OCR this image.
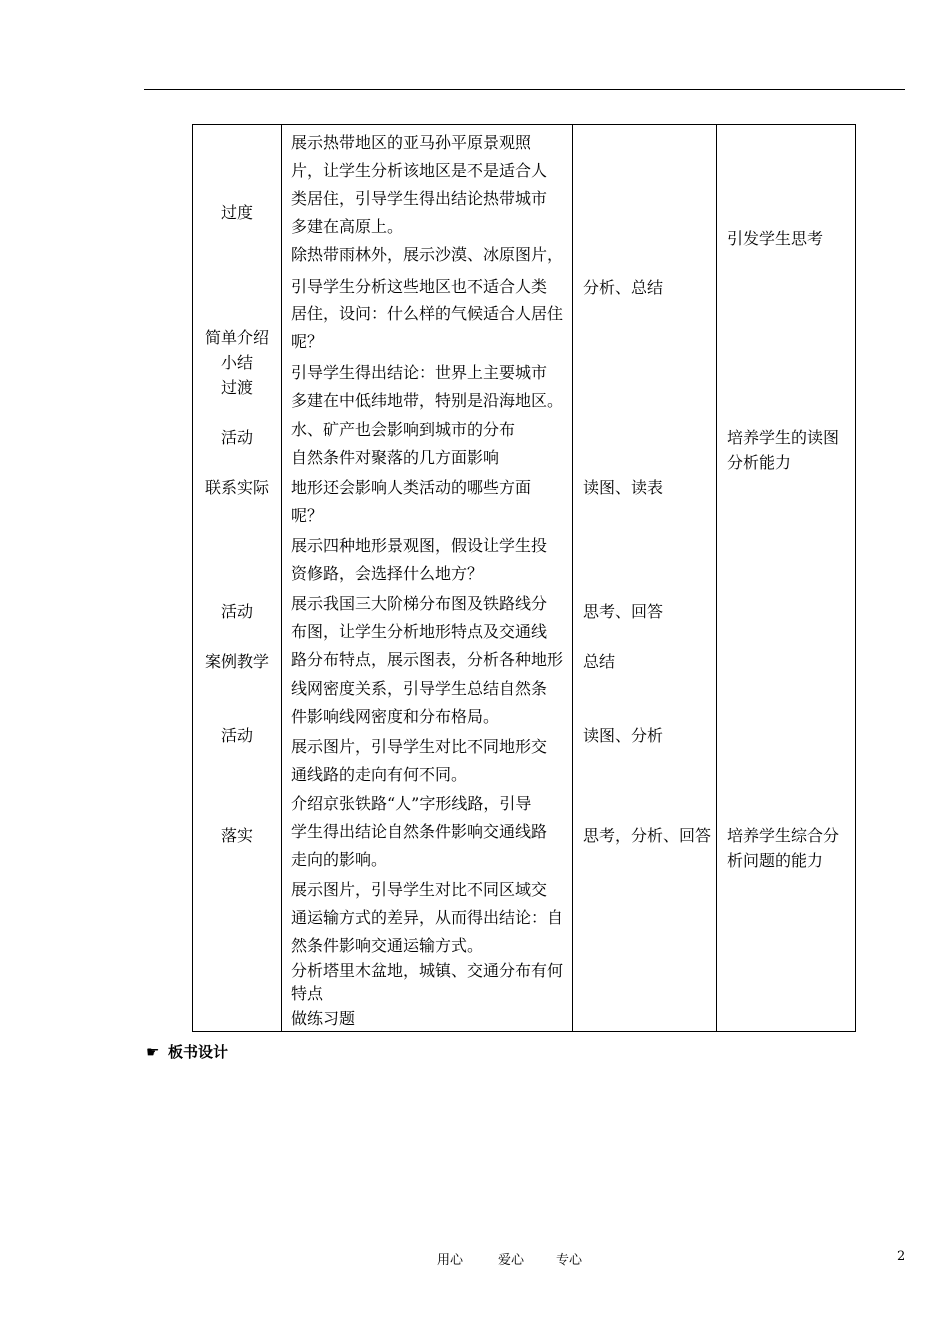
过度
简单介绍
小结
过渡
活动
联系实际
活动
案例教学
活动
落实
展示热带地区的亚马孙平原景观照
片，让学生分析该地区是不是适合人
类居住，引导学生得出结论热带城市
多建在高原上。
除热带雨林外，展示沙漠、冰原图片，
引导学生分析这些地区也不适合人类
居住，设问：什么样的气候适合人居住
呢？
引导学生得出结论：世界上主要城市
多建在中低纬地带，特别是沿海地区。
水、矿产也会影响到城市的分布
自然条件对聚落的几方面影响
地形还会影响人类活动的哪些方面
呢？
展示四种地形景观图，假设让学生投
资修路，会选择什么地方？
展示我国三大阶梯分布图及铁路线分
布图，让学生分析地形特点及交通线
路分布特点，展示图表，分析各种地形
线网密度关系，引导学生总结自然条
件影响线网密度和分布格局。
展示图片，引导学生对比不同地形交
通线路的走向有何不同。
介绍京张铁路“人”字形线路，引导
学生得出结论自然条件影响交通线路
走向的影响。
展示图片，引导学生对比不同区域交
通运输方式的差异，从而得出结论：自
然条件影响交通运输方式。
分析塔里木盆地，城镇、交通分布有何
特点
做练习题
分析、总结
读图、读表
思考、回答
总结
读图、分析
思考，分析、回答
引发学生思考
培养学生的读图
分析能力
培养学生综合分
析问题的能力
☛ 板书设计
用心	爱心 专心	2
